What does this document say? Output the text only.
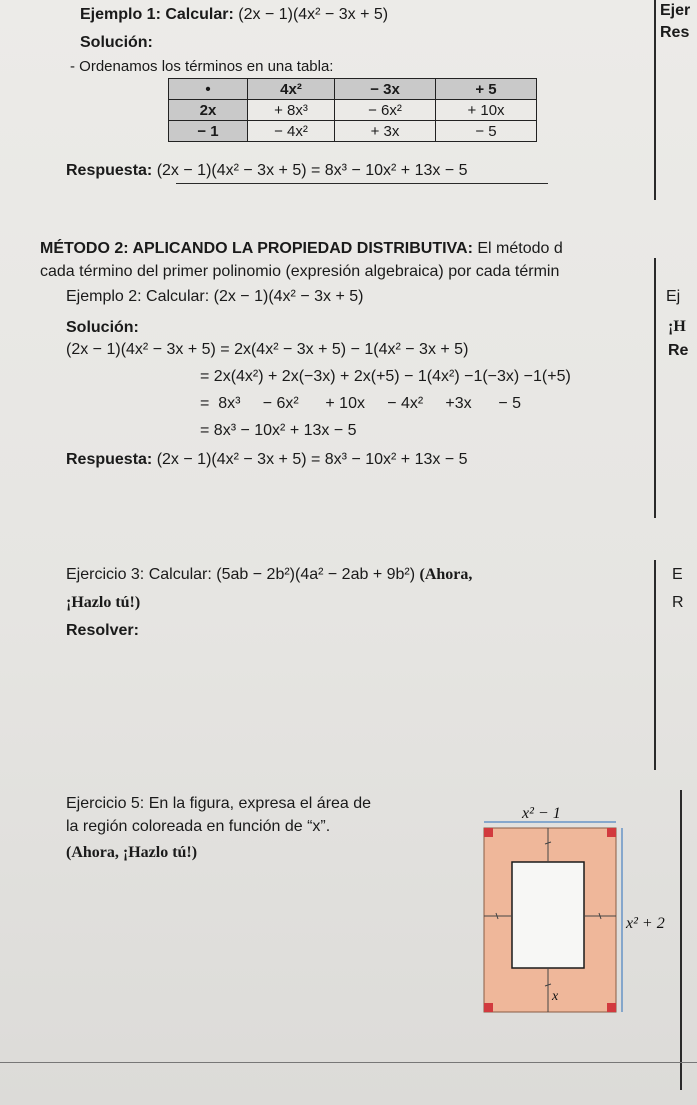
Ejemplo 1: Calcular: (2x − 1)(4x² − 3x + 5)
Solución:
- Ordenamos los términos en una tabla:
•	4x²	− 3x	+ 5
2x	+ 8x³	− 6x²	+ 10x
− 1	− 4x²	+ 3x	− 5
Respuesta: (2x − 1)(4x² − 3x + 5) = 8x³ − 10x² + 13x − 5
MÉTODO 2: APLICANDO LA PROPIEDAD DISTRIBUTIVA: El método d
cada término del primer polinomio (expresión algebraica) por cada términ
Ejemplo 2: Calcular: (2x − 1)(4x² − 3x + 5)
Solución:
(2x − 1)(4x² − 3x + 5) = 2x(4x² − 3x + 5) − 1(4x² − 3x + 5)
= 2x(4x²) + 2x(−3x) + 2x(+5) − 1(4x²) −1(−3x) −1(+5)
=  8x³     − 6x²      + 10x     − 4x²     +3x      − 5
= 8x³ − 10x² + 13x − 5
Respuesta: (2x − 1)(4x² − 3x + 5) = 8x³ − 10x² + 13x − 5
Ejercicio 3: Calcular: (5ab − 2b²)(4a² − 2ab + 9b²) (Ahora,
¡Hazlo tú!)
Resolver:
Ejercicio 5: En la figura, expresa el área de
la región coloreada en función de “x”.
(Ahora, ¡Hazlo tú!)
x² − 1
x² + 2
x
Ejer
Res
Ej
¡H
Re
E
R
